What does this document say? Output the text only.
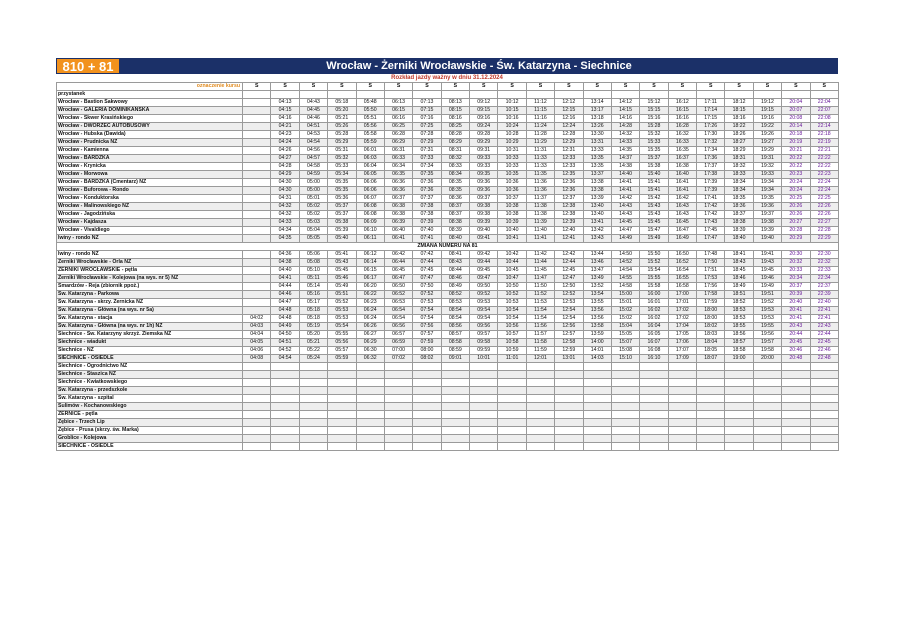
810 + 81	Wrocław - Żerniki Wrocławskie - Św. Katarzyna - Siechnice
Rozkład jazdy ważny w dniu 31.12.2024
oznaczenie kursu	S	S	S	S	S	S	S	S	S	S	S	S	S	S	S	S	S	S	S	S	S
przystanek																					
Wrocław - Bastion Sakwowy		04:13	04:43	05:18	05:48	06:13	07:13	08:13	09:12	10:12	11:12	12:12	13:14	14:12	15:12	16:12	17:11	18:12	19:12	20:04	22:04
Wrocław - GALERIA DOMINIKAŃSKA		04:15	04:45	05:20	05:50	06:15	07:15	08:15	09:15	10:15	11:15	12:15	13:17	14:15	15:15	16:15	17:14	18:15	19:15	20:07	22:07
Wrocław - Skwer Krasińskiego		04:16	04:46	05:21	05:51	06:16	07:16	08:16	09:16	10:16	11:16	12:16	13:18	14:16	15:16	16:16	17:15	18:16	19:16	20:08	22:08
Wrocław - DWORZEC AUTOBUSOWY		04:21	04:51	05:26	05:56	06:25	07:25	08:25	09:24	10:24	11:24	12:24	13:26	14:28	15:28	16:28	17:26	18:22	19:22	20:14	22:14
Wrocław - Hubska (Dawida)		04:23	04:53	05:28	05:58	06:28	07:28	08:28	09:28	10:28	11:28	12:28	13:30	14:32	15:32	16:32	17:30	18:26	19:26	20:18	22:18
Wrocław - Prudnicka NŻ		04:24	04:54	05:29	05:59	06:29	07:29	08:29	09:29	10:29	11:29	12:29	13:31	14:33	15:33	16:33	17:32	18:27	19:27	20:19	22:19
Wrocław - Kamienna		04:26	04:56	05:31	06:01	06:31	07:31	08:31	09:31	10:31	11:31	12:31	13:33	14:35	15:35	16:35	17:34	18:29	19:29	20:21	22:21
Wrocław - BARDZKA		04:27	04:57	05:32	06:03	06:33	07:33	08:32	09:33	10:33	11:33	12:33	13:35	14:37	15:37	16:37	17:36	18:31	19:31	20:22	22:22
Wrocław - Krynicka		04:28	04:58	05:33	06:04	06:34	07:34	08:33	09:33	10:33	11:33	12:33	13:35	14:38	15:38	16:38	17:37	18:32	19:32	20:22	22:22
Wrocław - Morwowa		04:29	04:59	05:34	06:05	06:35	07:35	08:34	09:35	10:35	11:35	12:35	13:37	14:40	15:40	16:40	17:38	18:33	19:33	20:23	22:23
Wrocław - BARDZKA (Cmentarz) NŻ		04:30	05:00	05:35	06:06	06:36	07:36	08:35	09:36	10:36	11:36	12:36	13:38	14:41	15:41	16:41	17:39	18:34	19:34	20:24	22:24
Wrocław - Buforowa - Rondo		04:30	05:00	05:35	06:06	06:36	07:36	08:35	09:36	10:36	11:36	12:36	13:38	14:41	15:41	16:41	17:39	18:34	19:34	20:24	22:24
Wrocław - Konduktorska		04:31	05:01	05:36	06:07	06:37	07:37	08:36	09:37	10:37	11:37	12:37	13:39	14:42	15:42	16:42	17:41	18:35	19:35	20:25	22:25
Wrocław - Malinowskiego NŻ		04:32	05:02	05:37	06:08	06:38	07:38	08:37	09:38	10:38	11:38	12:38	13:40	14:43	15:43	16:43	17:42	18:36	19:36	20:26	22:26
Wrocław - Jagodzińska		04:32	05:02	05:37	06:08	06:38	07:38	08:37	09:38	10:38	11:38	12:38	13:40	14:43	15:43	16:43	17:42	18:37	19:37	20:26	22:26
Wrocław - Kajdasza		04:33	05:03	05:38	06:09	06:39	07:39	08:38	09:39	10:39	11:39	12:39	13:41	14:45	15:45	16:45	17:43	18:38	19:38	20:27	22:27
Wrocław - Vivaldiego		04:34	05:04	05:39	06:10	06:40	07:40	08:39	09:40	10:40	11:40	12:40	13:42	14:47	15:47	16:47	17:45	18:39	19:39	20:28	22:28
Iwiny - rondo NŻ		04:35	05:05	05:40	06:11	06:41	07:41	08:40	09:41	10:41	11:41	12:41	13:43	14:49	15:49	16:49	17:47	18:40	19:40	20:29	22:29
ZMIANA NUMERU NA 81																					
Iwiny - rondo NŻ		04:36	05:06	05:41	06:12	06:42	07:42	08:41	09:42	10:42	11:42	12:42	13:44	14:50	15:50	16:50	17:48	18:41	19:41	20:30	22:30
Żerniki Wrocławskie - Orla NŻ		04:38	05:08	05:43	06:14	06:44	07:44	08:43	09:44	10:44	11:44	12:44	13:46	14:52	15:52	16:52	17:50	18:43	19:43	20:32	22:32
ŻERNIKI WROCŁAWSKIE - pętla		04:40	05:10	05:45	06:15	06:45	07:45	08:44	09:45	10:45	11:45	12:45	13:47	14:54	15:54	16:54	17:51	18:45	19:45	20:33	22:33
Żerniki Wrocławskie - Kolejowa (na wys. nr 5) NŻ		04:41	05:11	05:46	06:17	06:47	07:47	08:46	09:47	10:47	11:47	12:47	13:49	14:55	15:55	16:55	17:53	18:46	19:46	20:34	22:34
Smardzów - Reja (zbiornik ppoż.)		04:44	05:14	05:49	06:20	06:50	07:50	08:49	09:50	10:50	11:50	12:50	13:52	14:58	15:58	16:58	17:56	18:49	19:49	20:37	22:37
Św. Katarzyna - Parkowa		04:46	05:16	05:51	06:22	06:52	07:52	08:52	09:52	10:52	11:52	12:52	13:54	15:00	16:00	17:00	17:58	18:51	19:51	20:39	22:39
Św. Katarzyna - skrzy. Żernicka NŻ		04:47	05:17	05:52	06:23	06:53	07:53	08:53	09:53	10:53	11:53	12:53	13:55	15:01	16:01	17:01	17:59	18:52	19:52	20:40	22:40
Św. Katarzyna - Główna (na wys. nr 5a)		04:48	05:18	05:53	06:24	06:54	07:54	08:54	09:54	10:54	11:54	12:54	13:56	15:02	16:02	17:02	18:00	18:53	19:53	20:41	22:41
Św. Katarzyna - stacja	04:02	04:48	05:18	05:53	06:24	06:54	07:54	08:54	09:54	10:54	11:54	12:54	13:56	15:02	16:02	17:02	18:00	18:53	19:53	20:41	22:41
Św. Katarzyna - Główna (na wys. nr 1h) NŻ	04:03	04:49	05:19	05:54	06:26	06:56	07:56	08:56	09:56	10:56	11:56	12:56	13:58	15:04	16:04	17:04	18:02	18:55	19:55	20:43	22:43
Siechnice - Św. Katarzyny skrzyż. Ziemska NŻ	04:04	04:50	05:20	05:55	06:27	06:57	07:57	08:57	09:57	10:57	11:57	12:57	13:59	15:05	16:05	17:05	18:03	18:56	19:56	20:44	22:44
Siechnice - wiadukt	04:05	04:51	05:21	05:56	06:29	06:59	07:59	08:58	09:58	10:58	11:58	12:58	14:00	15:07	16:07	17:06	18:04	18:57	19:57	20:45	22:45
Siechnice - NŻ	04:06	04:52	05:22	05:57	06:30	07:00	08:00	08:59	09:59	10:59	11:59	12:59	14:01	15:08	16:08	17:07	18:05	18:58	19:58	20:46	22:46
SIECHNICE - OSIEDLE	04:08	04:54	05:24	05:59	06:32	07:02	08:02	09:01	10:01	11:01	12:01	13:01	14:03	15:10	16:10	17:09	18:07	19:00	20:00	20:48	22:48
Siechnice - Ogrodnictwo NŻ																					
Siechnice - Staszica NŻ																					
Siechnice - Kwiatkowskiego																					
Św. Katarzyna - przedszkole																					
Św. Katarzyna - szpital																					
Sulimów - Kochanowskiego																					
ŻERNICE - pętla																					
Żębice - Trzech Lip																					
Żębice - Prusa (skrzy. św. Marka)																					
Groblice - Kolejowa																					
SIECHNICE - OSIEDLE																					
